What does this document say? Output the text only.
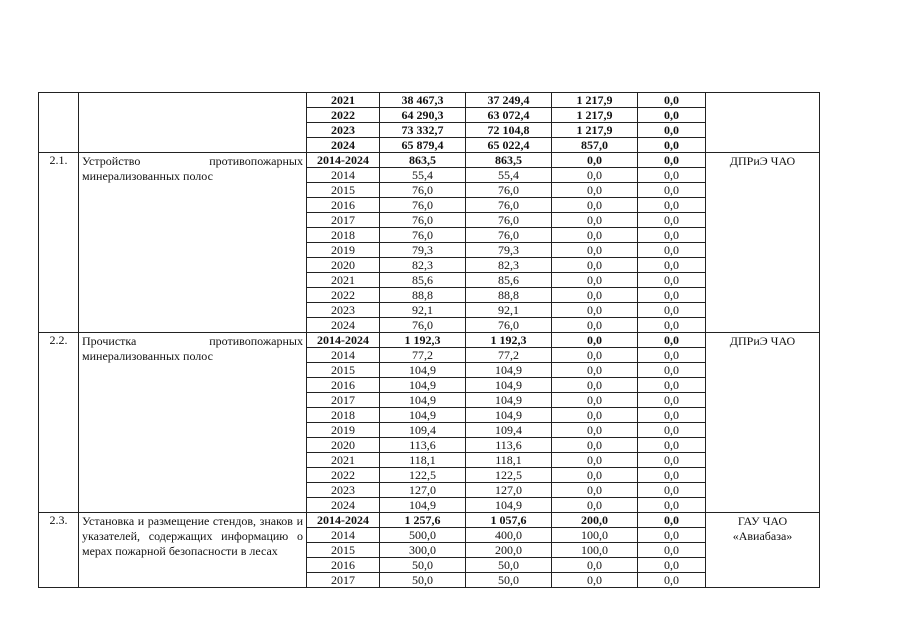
		2021	38 467,3	37 249,4	1 217,9	0,0	
		2022	64 290,3	63 072,4	1 217,9	0,0	
		2023	73 332,7	72 104,8	1 217,9	0,0	
		2024	65 879,4	65 022,4	857,0	0,0	
2.1.	Устройство противопожарных минерализованных полос	2014-2024	863,5	863,5	0,0	0,0	ДПРиЭ ЧАО
		2014	55,4	55,4	0,0	0,0	
		2015	76,0	76,0	0,0	0,0	
		2016	76,0	76,0	0,0	0,0	
		2017	76,0	76,0	0,0	0,0	
		2018	76,0	76,0	0,0	0,0	
		2019	79,3	79,3	0,0	0,0	
		2020	82,3	82,3	0,0	0,0	
		2021	85,6	85,6	0,0	0,0	
		2022	88,8	88,8	0,0	0,0	
		2023	92,1	92,1	0,0	0,0	
		2024	76,0	76,0	0,0	0,0	
2.2.	Прочистка противопожарных минерализованных полос	2014-2024	1 192,3	1 192,3	0,0	0,0	ДПРиЭ ЧАО
		2014	77,2	77,2	0,0	0,0	
		2015	104,9	104,9	0,0	0,0	
		2016	104,9	104,9	0,0	0,0	
		2017	104,9	104,9	0,0	0,0	
		2018	104,9	104,9	0,0	0,0	
		2019	109,4	109,4	0,0	0,0	
		2020	113,6	113,6	0,0	0,0	
		2021	118,1	118,1	0,0	0,0	
		2022	122,5	122,5	0,0	0,0	
		2023	127,0	127,0	0,0	0,0	
		2024	104,9	104,9	0,0	0,0	
2.3.	Установка и размещение стендов, знаков и указателей, содержащих информацию о мерах пожарной безопасности в лесах	2014-2024	1 257,6	1 057,6	200,0	0,0	ГАУ ЧАО «Авиабаза»
		2014	500,0	400,0	100,0	0,0	
		2015	300,0	200,0	100,0	0,0	
		2016	50,0	50,0	0,0	0,0	
		2017	50,0	50,0	0,0	0,0	
